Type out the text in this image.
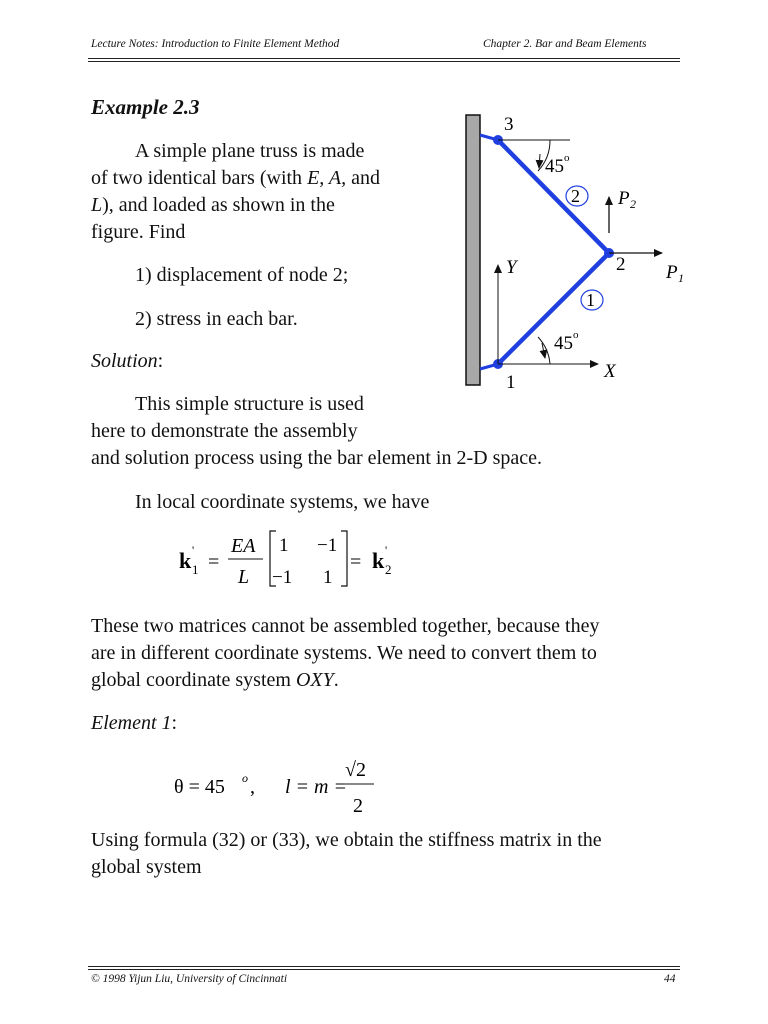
Lecture Notes: Introduction to Finite Element Method	Chapter 2. Bar and Beam Elements
Example 2.3
A simple plane truss is made
of two identical bars (with E, A, and
L), and loaded as shown in the
figure. Find
1) displacement of node 2;
2) stress in each bar.
Solution:
This simple structure is used
here to demonstrate the assembly
and solution process using the bar element in 2-D space.
In local coordinate systems, we have
k 1
'
=
EA
L
1 −1
−1 1
= k 2
'
These two matrices cannot be assembled together, because they
are in different coordinate systems. We need to convert them to
global coordinate system OXY.
Element 1:
θ = 45 o , l = m =
√2
2
Using formula (32) or (33), we obtain the stiffness matrix in the
global system
3
1
2
2
1
45 o
45 o
Y
X
P 2
P 1
© 1998 Yijun Liu, University of Cincinnati	44
